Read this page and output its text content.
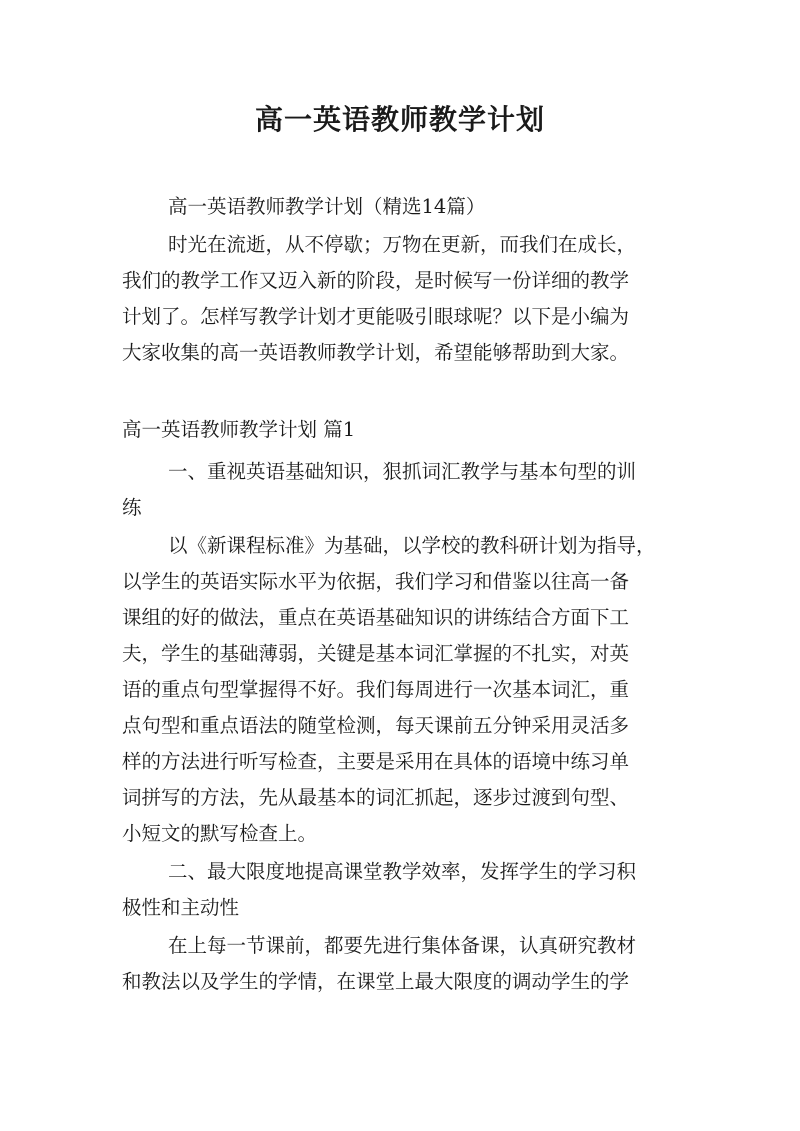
高一英语教师教学计划

高一英语教师教学计划（精选14篇）

时光在流逝，从不停歇；万物在更新，而我们在成长，

我们的教学工作又迈入新的阶段，是时候写一份详细的教学

计划了。怎样写教学计划才更能吸引眼球呢？以下是小编为

大家收集的高一英语教师教学计划，希望能够帮助到大家。

高一英语教师教学计划 篇1

一、重视英语基础知识，狠抓词汇教学与基本句型的训

练

以《新课程标准》为基础，以学校的教科研计划为指导，

以学生的英语实际水平为依据，我们学习和借鉴以往高一备

课组的好的做法，重点在英语基础知识的讲练结合方面下工

夫，学生的基础薄弱，关键是基本词汇掌握的不扎实，对英

语的重点句型掌握得不好。我们每周进行一次基本词汇，重

点句型和重点语法的随堂检测，每天课前五分钟采用灵活多

样的方法进行听写检查，主要是采用在具体的语境中练习单

词拼写的方法，先从最基本的词汇抓起，逐步过渡到句型、

小短文的默写检查上。

二、最大限度地提高课堂教学效率，发挥学生的学习积

极性和主动性

在上每一节课前，都要先进行集体备课，认真研究教材

和教法以及学生的学情，在课堂上最大限度的调动学生的学
